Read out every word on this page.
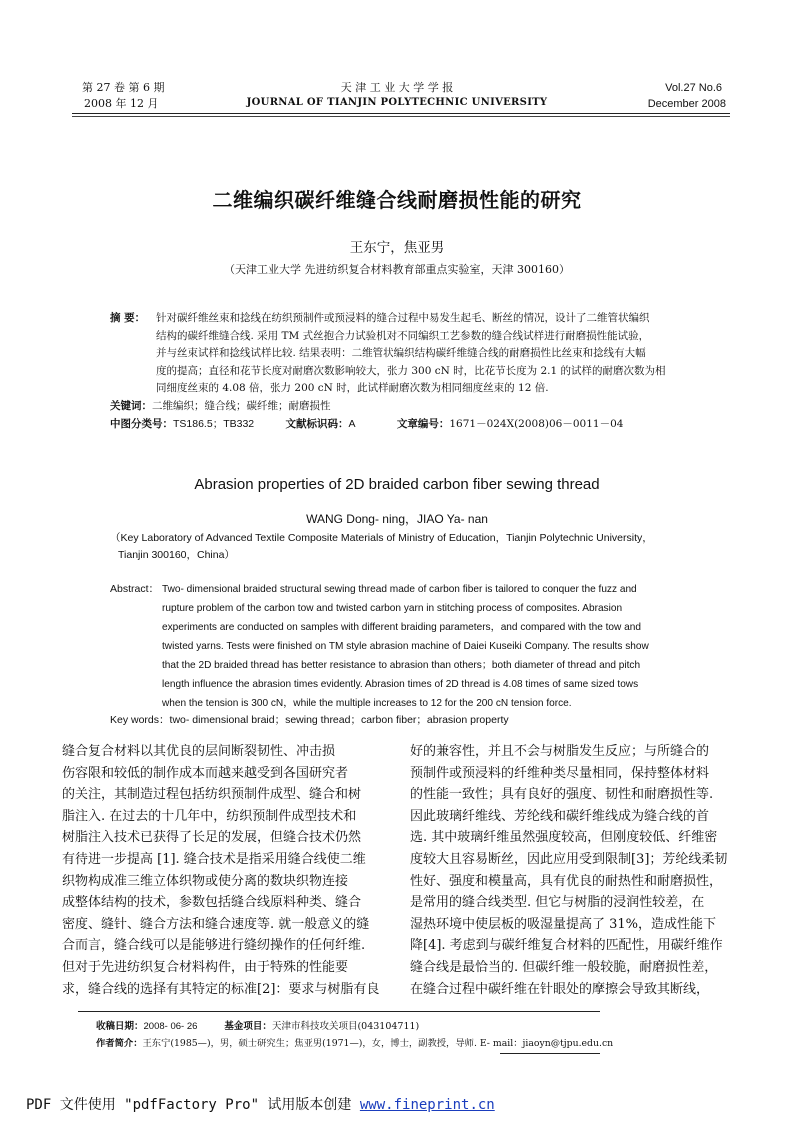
第 27 卷 第 6 期
2008 年 12 月
天 津 工 业 大 学 学 报
JOURNAL OF TIANJIN POLYTECHNIC UNIVERSITY
Vol.27 No.6
December 2008
二维编织碳纤维缝合线耐磨损性能的研究
王东宁，焦亚男
（天津工业大学 先进纺织复合材料教育部重点实验室，天津 300160）
摘 要： 针对碳纤维丝束和捻线在纺织预制件或预浸料的缝合过程中易发生起毛、断丝的情况，设计了二维管状编织
结构的碳纤维缝合线. 采用 TM 式丝抱合力试验机对不同编织工艺参数的缝合线试样进行耐磨损性能试验，
并与丝束试样和捻线试样比较. 结果表明：二维管状编织结构碳纤维缝合线的耐磨损性比丝束和捻线有大幅
度的提高；直径和花节长度对耐磨次数影响较大，张力 300 cN 时，比花节长度为 2.1 的试样的耐磨次数为相
同细度丝束的 4.08 倍，张力 200 cN 时，此试样耐磨次数为相同细度丝束的 12 倍.
关键词：二维编织；缝合线；碳纤维；耐磨损性
中图分类号：TS186.5；TB332	文献标识码：A	文章编号：1671－024X(2008)06－0011－04
Abrasion properties of 2D braided carbon fiber sewing thread
WANG Dong- ning，JIAO Ya- nan
（Key Laboratory of Advanced Textile Composite Materials of Ministry of Education，Tianjin Polytechnic University，
Tianjin 300160，China）
Abstract： Two- dimensional braided structural sewing thread made of carbon fiber is tailored to conquer the fuzz and
rupture problem of the carbon tow and twisted carbon yarn in stitching process of composites. Abrasion
experiments are conducted on samples with different braiding parameters，and compared with the tow and
twisted yarns. Tests were finished on TM style abrasion machine of Daiei Kuseiki Company. The results show
that the 2D braided thread has better resistance to abrasion than others；both diameter of thread and pitch
length influence the abrasion times evidently. Abrasion times of 2D thread is 4.08 times of same sized tows
when the tension is 300 cN，while the multiple increases to 12 for the 200 cN tension force.
Key words：two- dimensional braid；sewing thread；carbon fiber；abrasion property
缝合复合材料以其优良的层间断裂韧性、冲击损
伤容限和较低的制作成本而越来越受到各国研究者
的关注，其制造过程包括纺织预制件成型、缝合和树
脂注入. 在过去的十几年中，纺织预制件成型技术和
树脂注入技术已获得了长足的发展，但缝合技术仍然
有待进一步提高 [1]. 缝合技术是指采用缝合线使二维
织物构成准三维立体织物或使分离的数块织物连接
成整体结构的技术，参数包括缝合线原料种类、缝合
密度、缝针、缝合方法和缝合速度等. 就一般意义的缝
合而言，缝合线可以是能够进行缝纫操作的任何纤维.
但对于先进纺织复合材料构件，由于特殊的性能要
求，缝合线的选择有其特定的标准[2]：要求与树脂有良
好的兼容性，并且不会与树脂发生反应；与所缝合的
预制件或预浸料的纤维种类尽量相同，保持整体材料
的性能一致性；具有良好的强度、韧性和耐磨损性等.
因此玻璃纤维线、芳纶线和碳纤维线成为缝合线的首
选. 其中玻璃纤维虽然强度较高，但刚度较低、纤维密
度较大且容易断丝，因此应用受到限制[3]；芳纶线柔韧
性好、强度和模量高，具有优良的耐热性和耐磨损性，
是常用的缝合线类型. 但它与树脂的浸润性较差，在
湿热环境中使层板的吸湿量提高了 31%，造成性能下
降[4]. 考虑到与碳纤维复合材料的匹配性，用碳纤维作
缝合线是最恰当的. 但碳纤维一般较脆，耐磨损性差，
在缝合过程中碳纤维在针眼处的摩擦会导致其断线，
收稿日期：2008- 06- 26	基金项目：天津市科技攻关项目(043104711)
作者简介：王东宁(1985—)，男，硕士研究生；焦亚男(1971—)，女，博士，副教授，导师. E- mail：jiaoyn@tjpu.edu.cn
PDF 文件使用 "pdfFactory Pro" 试用版本创建 www.fineprint.cn
